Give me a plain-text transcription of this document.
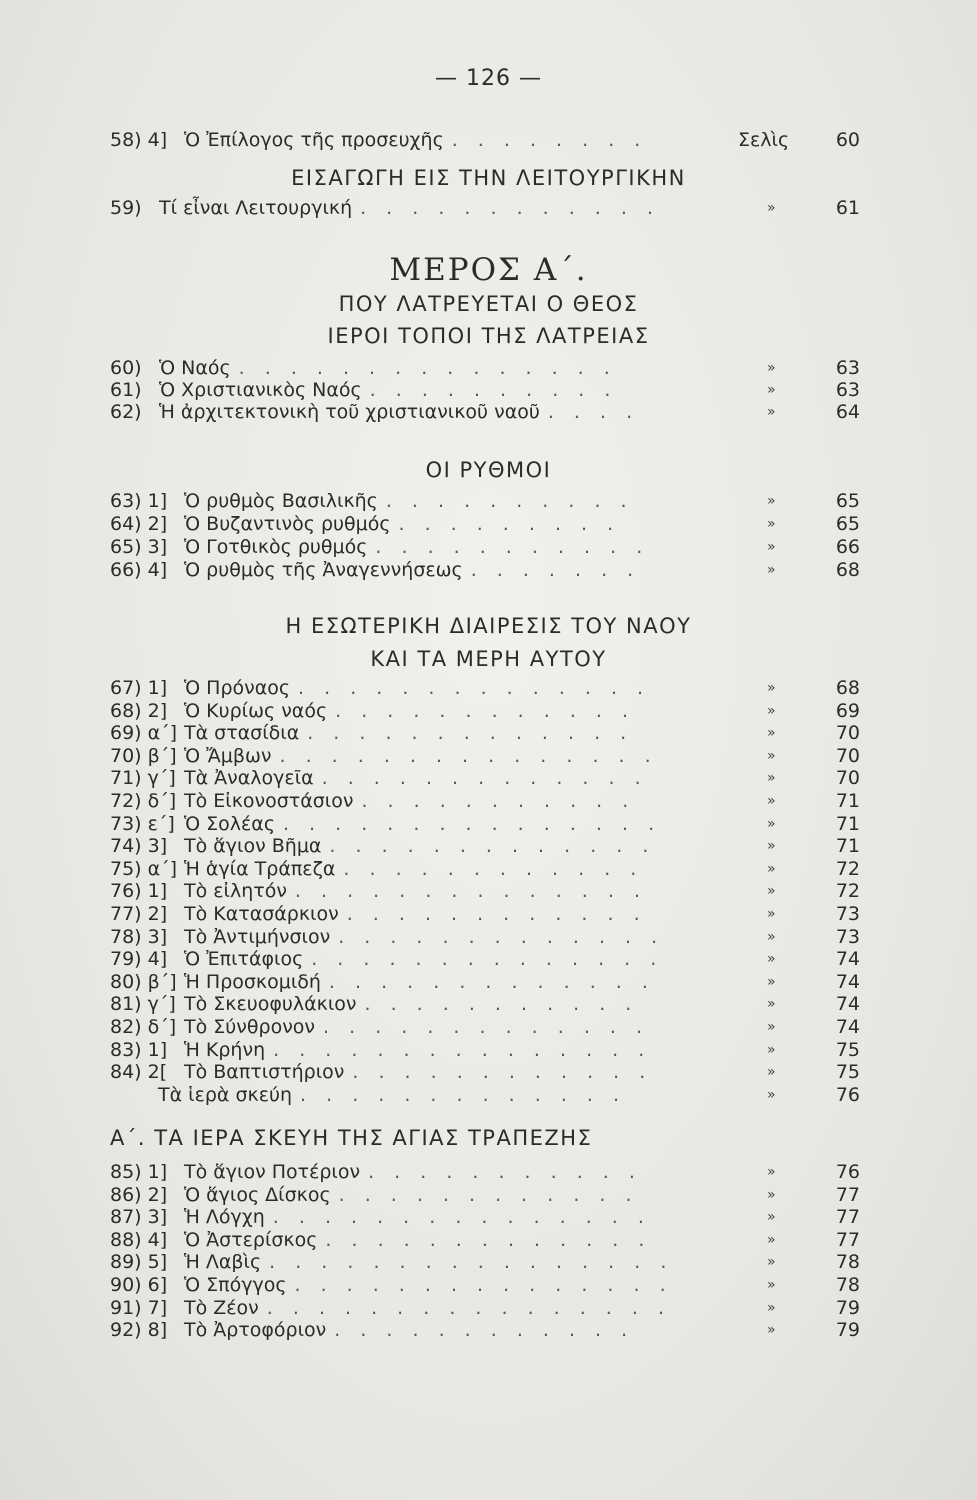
— 126 —
58) 4] Ὁ Ἐπίλογος τῆς προσευχῆς . . . . . . . .	Σελὶς 60
ΕΙΣΑΓΩΓΗ ΕΙΣ ΤΗΝ ΛΕΙΤΟΥΡΓΙΚΗΝ
59) Τί εἶναι Λειτουργική . . . . . . . . . . . .	»	61
ΜΕΡΟΣ Α΄.
ΠΟΥ ΛΑΤΡΕΥΕΤΑΙ Ο ΘΕΟΣ
ΙΕΡΟΙ ΤΟΠΟΙ ΤΗΣ ΛΑΤΡΕΙΑΣ
60) Ὁ Ναός . . . . . . . . . . . . . . .	»	63
61) Ὁ Χριστιανικὸς Ναός . . . . . . . . . .	»	63
62) Ἡ ἀρχιτεκτονικὴ τοῦ χριστιανικοῦ ναοῦ . . . .	»	64
ΟΙ ΡΥΘΜΟΙ
63) 1] Ὁ ρυθμὸς Βασιλικῆς . . . . . . . . . .	»	65
64) 2] Ὁ Βυζαντινὸς ρυθμός . . . . . . . . .	»	65
65) 3] Ὁ Γοτθικὸς ρυθμός . . . . . . . . . . .	»	66
66) 4] Ὁ ρυθμὸς τῆς Ἀναγεννήσεως . . . . . . .	»	68
Η ΕΣΩΤΕΡΙΚΗ ΔΙΑΙΡΕΣΙΣ ΤΟΥ ΝΑΟΥ
ΚΑΙ ΤΑ ΜΕΡΗ ΑΥΤΟΥ
67) 1] Ὁ Πρόναος . . . . . . . . . . . . . .	»	68
68) 2] Ὁ Κυρίως ναός . . . . . . . . . . . .	»	69
69) α΄] Τὰ στασίδια . . . . . . . . . . . . .	»	70
70) β΄] Ὁ Ἄμβων . . . . . . . . . . . . . . .	»	70
71) γ΄] Τὰ Ἀναλογεῖα . . . . . . . . . . . . .	»	70
72) δ΄] Τὸ Εἰκονοστάσιον . . . . . . . . . . .	»	71
73) ε΄] Ὁ Σολέας . . . . . . . . . . . . . . .	»	71
74) 3] Τὸ ἅγιον Βῆμα . . . . . . . . . . . . .	»	71
75) α΄] Ἡ ἁγία Τράπεζα . . . . . . . . . . . .	»	72
76) 1] Τὸ εἰλητόν . . . . . . . . . . . . . .	»	72
77) 2] Τὸ Κατασάρκιον . . . . . . . . . . . .	»	73
78) 3] Τὸ Ἀντιμήνσιον . . . . . . . . . . . . .	»	73
79) 4] Ὁ Ἐπιτάφιος . . . . . . . . . . . . . .	»	74
80) β΄] Ἡ Προσκομιδή . . . . . . . . . . . . .	»	74
81) γ΄] Τὸ Σκευοφυλάκιον . . . . . . . . . . .	»	74
82) δ΄] Τὸ Σύνθρονον . . . . . . . . . . . . .	»	74
83) 1] Ἡ Κρήνη . . . . . . . . . . . . . . .	»	75
84) 2[ Τὸ Βαπτιστήριον . . . . . . . . . . . .	»	75
Τὰ ἱερὰ σκεύη . . . . . . . . . . . . .	»	76
Α΄. ΤΑ ΙΕΡΑ ΣΚΕΥΗ ΤΗΣ ΑΓΙΑΣ ΤΡΑΠΕΖΗΣ
85) 1] Τὸ ἅγιον Ποτέριον . . . . . . . . . . .	»	76
86) 2] Ὁ ἅγιος Δίσκος . . . . . . . . . . . .	»	77
87) 3] Ἡ Λόγχη . . . . . . . . . . . . . . .	»	77
88) 4] Ὁ Ἀστερίσκος . . . . . . . . . . . . .	»	77
89) 5] Ἡ Λαβὶς . . . . . . . . . . . . . . . .	»	78
90) 6] Ὁ Σπόγγος . . . . . . . . . . . . . . .	»	78
91) 7] Τὸ Ζέον . . . . . . . . . . . . . . . .	»	79
92) 8] Τὸ Ἀρτοφόριον . . . . . . . . . . . .	»	79
